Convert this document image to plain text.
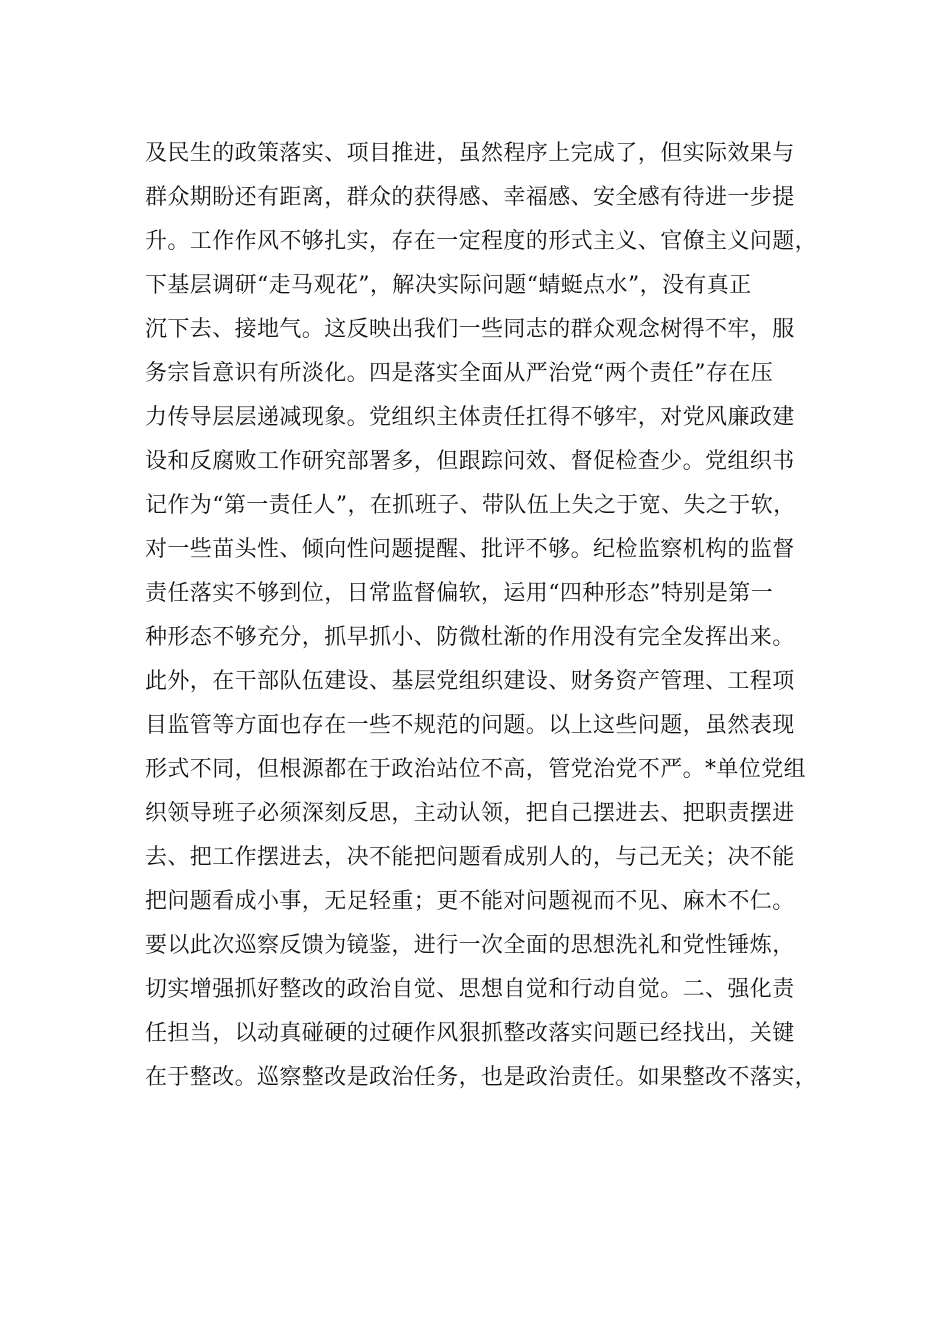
及民生的政策落实、项目推进，虽然程序上完成了，但实际效果与
群众期盼还有距离，群众的获得感、幸福感、安全感有待进一步提
升。工作作风不够扎实，存在一定程度的形式主义、官僚主义问题，
下基层调研“走马观花”，解决实际问题“蜻蜓点水”，没有真正
沉下去、接地气。这反映出我们一些同志的群众观念树得不牢，服
务宗旨意识有所淡化。四是落实全面从严治党“两个责任”存在压
力传导层层递减现象。党组织主体责任扛得不够牢，对党风廉政建
设和反腐败工作研究部署多，但跟踪问效、督促检查少。党组织书
记作为“第一责任人”，在抓班子、带队伍上失之于宽、失之于软，
对一些苗头性、倾向性问题提醒、批评不够。纪检监察机构的监督
责任落实不够到位，日常监督偏软，运用“四种形态”特别是第一
种形态不够充分，抓早抓小、防微杜渐的作用没有完全发挥出来。
此外，在干部队伍建设、基层党组织建设、财务资产管理、工程项
目监管等方面也存在一些不规范的问题。以上这些问题，虽然表现
形式不同，但根源都在于政治站位不高，管党治党不严。*单位党组
织领导班子必须深刻反思，主动认领，把自己摆进去、把职责摆进
去、把工作摆进去，决不能把问题看成别人的，与己无关；决不能
把问题看成小事，无足轻重；更不能对问题视而不见、麻木不仁。
要以此次巡察反馈为镜鉴，进行一次全面的思想洗礼和党性锤炼，
切实增强抓好整改的政治自觉、思想自觉和行动自觉。二、强化责
任担当，以动真碰硬的过硬作风狠抓整改落实问题已经找出，关键
在于整改。巡察整改是政治任务，也是政治责任。如果整改不落实，
